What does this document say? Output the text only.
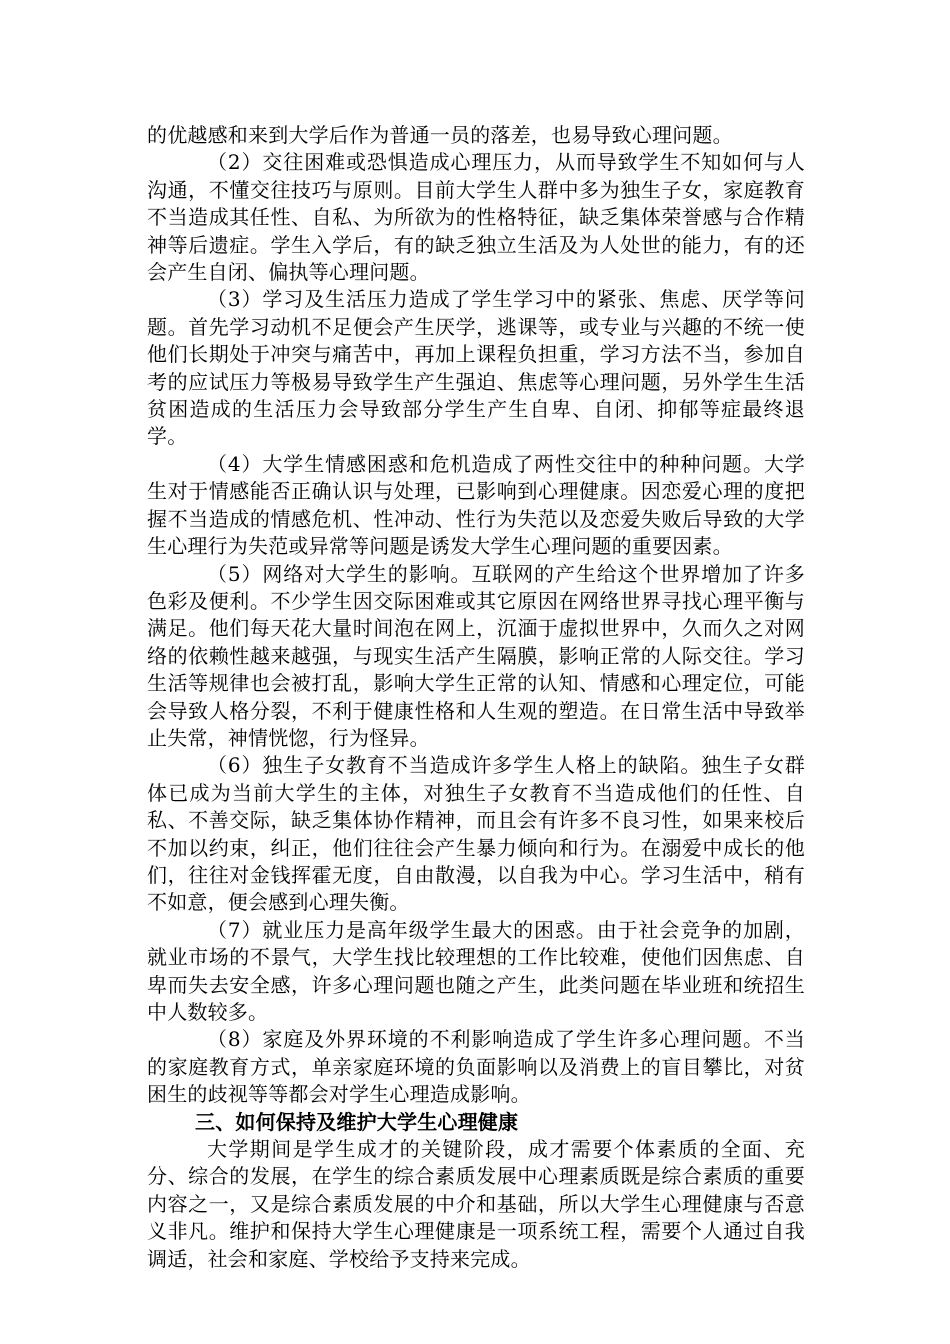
的优越感和来到大学后作为普通一员的落差，也易导致心理问题。

（2）交往困难或恐惧造成心理压力，从而导致学生不知如何与人沟通，不懂交往技巧与原则。目前大学生人群中多为独生子女，家庭教育不当造成其任性、自私、为所欲为的性格特征，缺乏集体荣誉感与合作精神等后遗症。学生入学后，有的缺乏独立生活及为人处世的能力，有的还会产生自闭、偏执等心理问题。

（3）学习及生活压力造成了学生学习中的紧张、焦虑、厌学等问题。首先学习动机不足便会产生厌学，逃课等，或专业与兴趣的不统一使他们长期处于冲突与痛苦中，再加上课程负担重，学习方法不当，参加自考的应试压力等极易导致学生产生强迫、焦虑等心理问题，另外学生生活贫困造成的生活压力会导致部分学生产生自卑、自闭、抑郁等症最终退学。

（4）大学生情感困惑和危机造成了两性交往中的种种问题。大学生对于情感能否正确认识与处理，已影响到心理健康。因恋爱心理的度把握不当造成的情感危机、性冲动、性行为失范以及恋爱失败后导致的大学生心理行为失范或异常等问题是诱发大学生心理问题的重要因素。

（5）网络对大学生的影响。互联网的产生给这个世界增加了许多色彩及便利。不少学生因交际困难或其它原因在网络世界寻找心理平衡与满足。他们每天花大量时间泡在网上，沉湎于虚拟世界中，久而久之对网络的依赖性越来越强，与现实生活产生隔膜，影响正常的人际交往。学习生活等规律也会被打乱，影响大学生正常的认知、情感和心理定位，可能会导致人格分裂，不利于健康性格和人生观的塑造。在日常生活中导致举止失常，神情恍惚，行为怪异。

（6）独生子女教育不当造成许多学生人格上的缺陷。独生子女群体已成为当前大学生的主体，对独生子女教育不当造成他们的任性、自私、不善交际，缺乏集体协作精神，而且会有许多不良习性，如果来校后不加以约束，纠正，他们往往会产生暴力倾向和行为。在溺爱中成长的他们，往往对金钱挥霍无度，自由散漫，以自我为中心。学习生活中，稍有不如意，便会感到心理失衡。

（7）就业压力是高年级学生最大的困惑。由于社会竞争的加剧，就业市场的不景气，大学生找比较理想的工作比较难，使他们因焦虑、自卑而失去安全感，许多心理问题也随之产生，此类问题在毕业班和统招生中人数较多。

（8）家庭及外界环境的不利影响造成了学生许多心理问题。不当的家庭教育方式，单亲家庭环境的负面影响以及消费上的盲目攀比，对贫困生的歧视等等都会对学生心理造成影响。

三、如何保持及维护大学生心理健康

大学期间是学生成才的关键阶段，成才需要个体素质的全面、充分、综合的发展，在学生的综合素质发展中心理素质既是综合素质的重要内容之一，又是综合素质发展的中介和基础，所以大学生心理健康与否意义非凡。维护和保持大学生心理健康是一项系统工程，需要个人通过自我调适，社会和家庭、学校给予支持来完成。
